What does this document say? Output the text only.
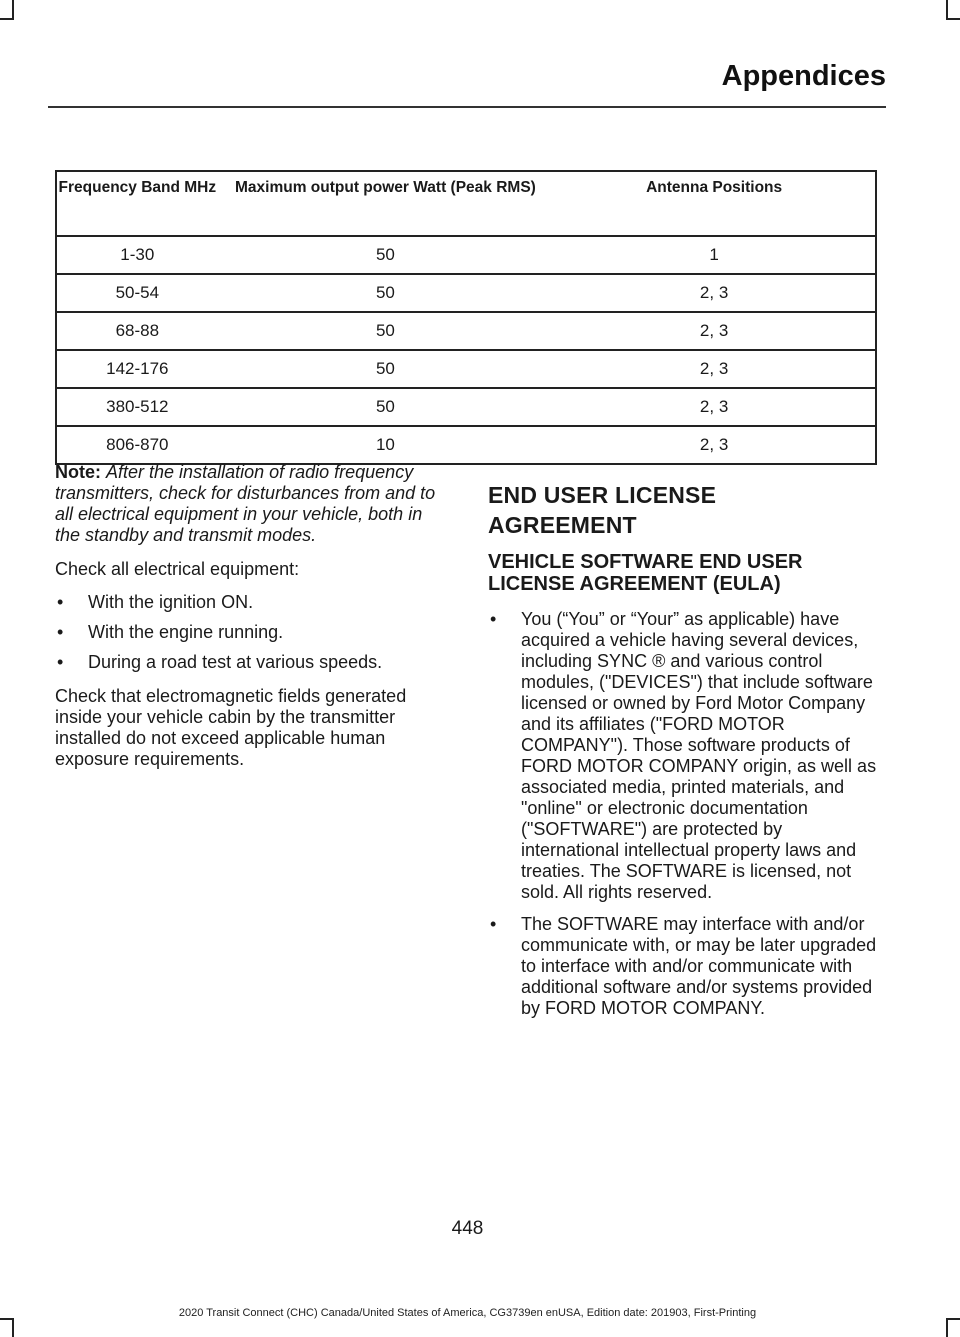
Appendices
Frequency Band MHz	Maximum output power Watt (Peak RMS)	Antenna Positions
1-30	50	1
50-54	50	2, 3
68-88	50	2, 3
142-176	50	2, 3
380-512	50	2, 3
806-870	10	2, 3

Note: After the installation of radio frequency transmitters, check for disturbances from and to all electrical equipment in your vehicle, both in the standby and transmit modes.

Check all electrical equipment:

• With the ignition ON.
• With the engine running.
• During a road test at various speeds.

Check that electromagnetic fields generated inside your vehicle cabin by the transmitter installed do not exceed applicable human exposure requirements.

END USER LICENSE
AGREEMENT
VEHICLE SOFTWARE END USER LICENSE AGREEMENT (EULA)
• You (“You” or “Your” as applicable) have acquired a vehicle having several devices, including SYNC ® and various control modules, ("DEVICES") that include software licensed or owned by Ford Motor Company and its affiliates ("FORD MOTOR COMPANY"). Those software products of FORD MOTOR COMPANY origin, as well as associated media, printed materials, and "online" or electronic documentation ("SOFTWARE") are protected by international intellectual property laws and treaties. The SOFTWARE is licensed, not sold. All rights reserved.
• The SOFTWARE may interface with and/or communicate with, or may be later upgraded to interface with and/or communicate with additional software and/or systems provided by FORD MOTOR COMPANY.
448
2020 Transit Connect (CHC) Canada/United States of America, CG3739en enUSA, Edition date: 201903, First-Printing
